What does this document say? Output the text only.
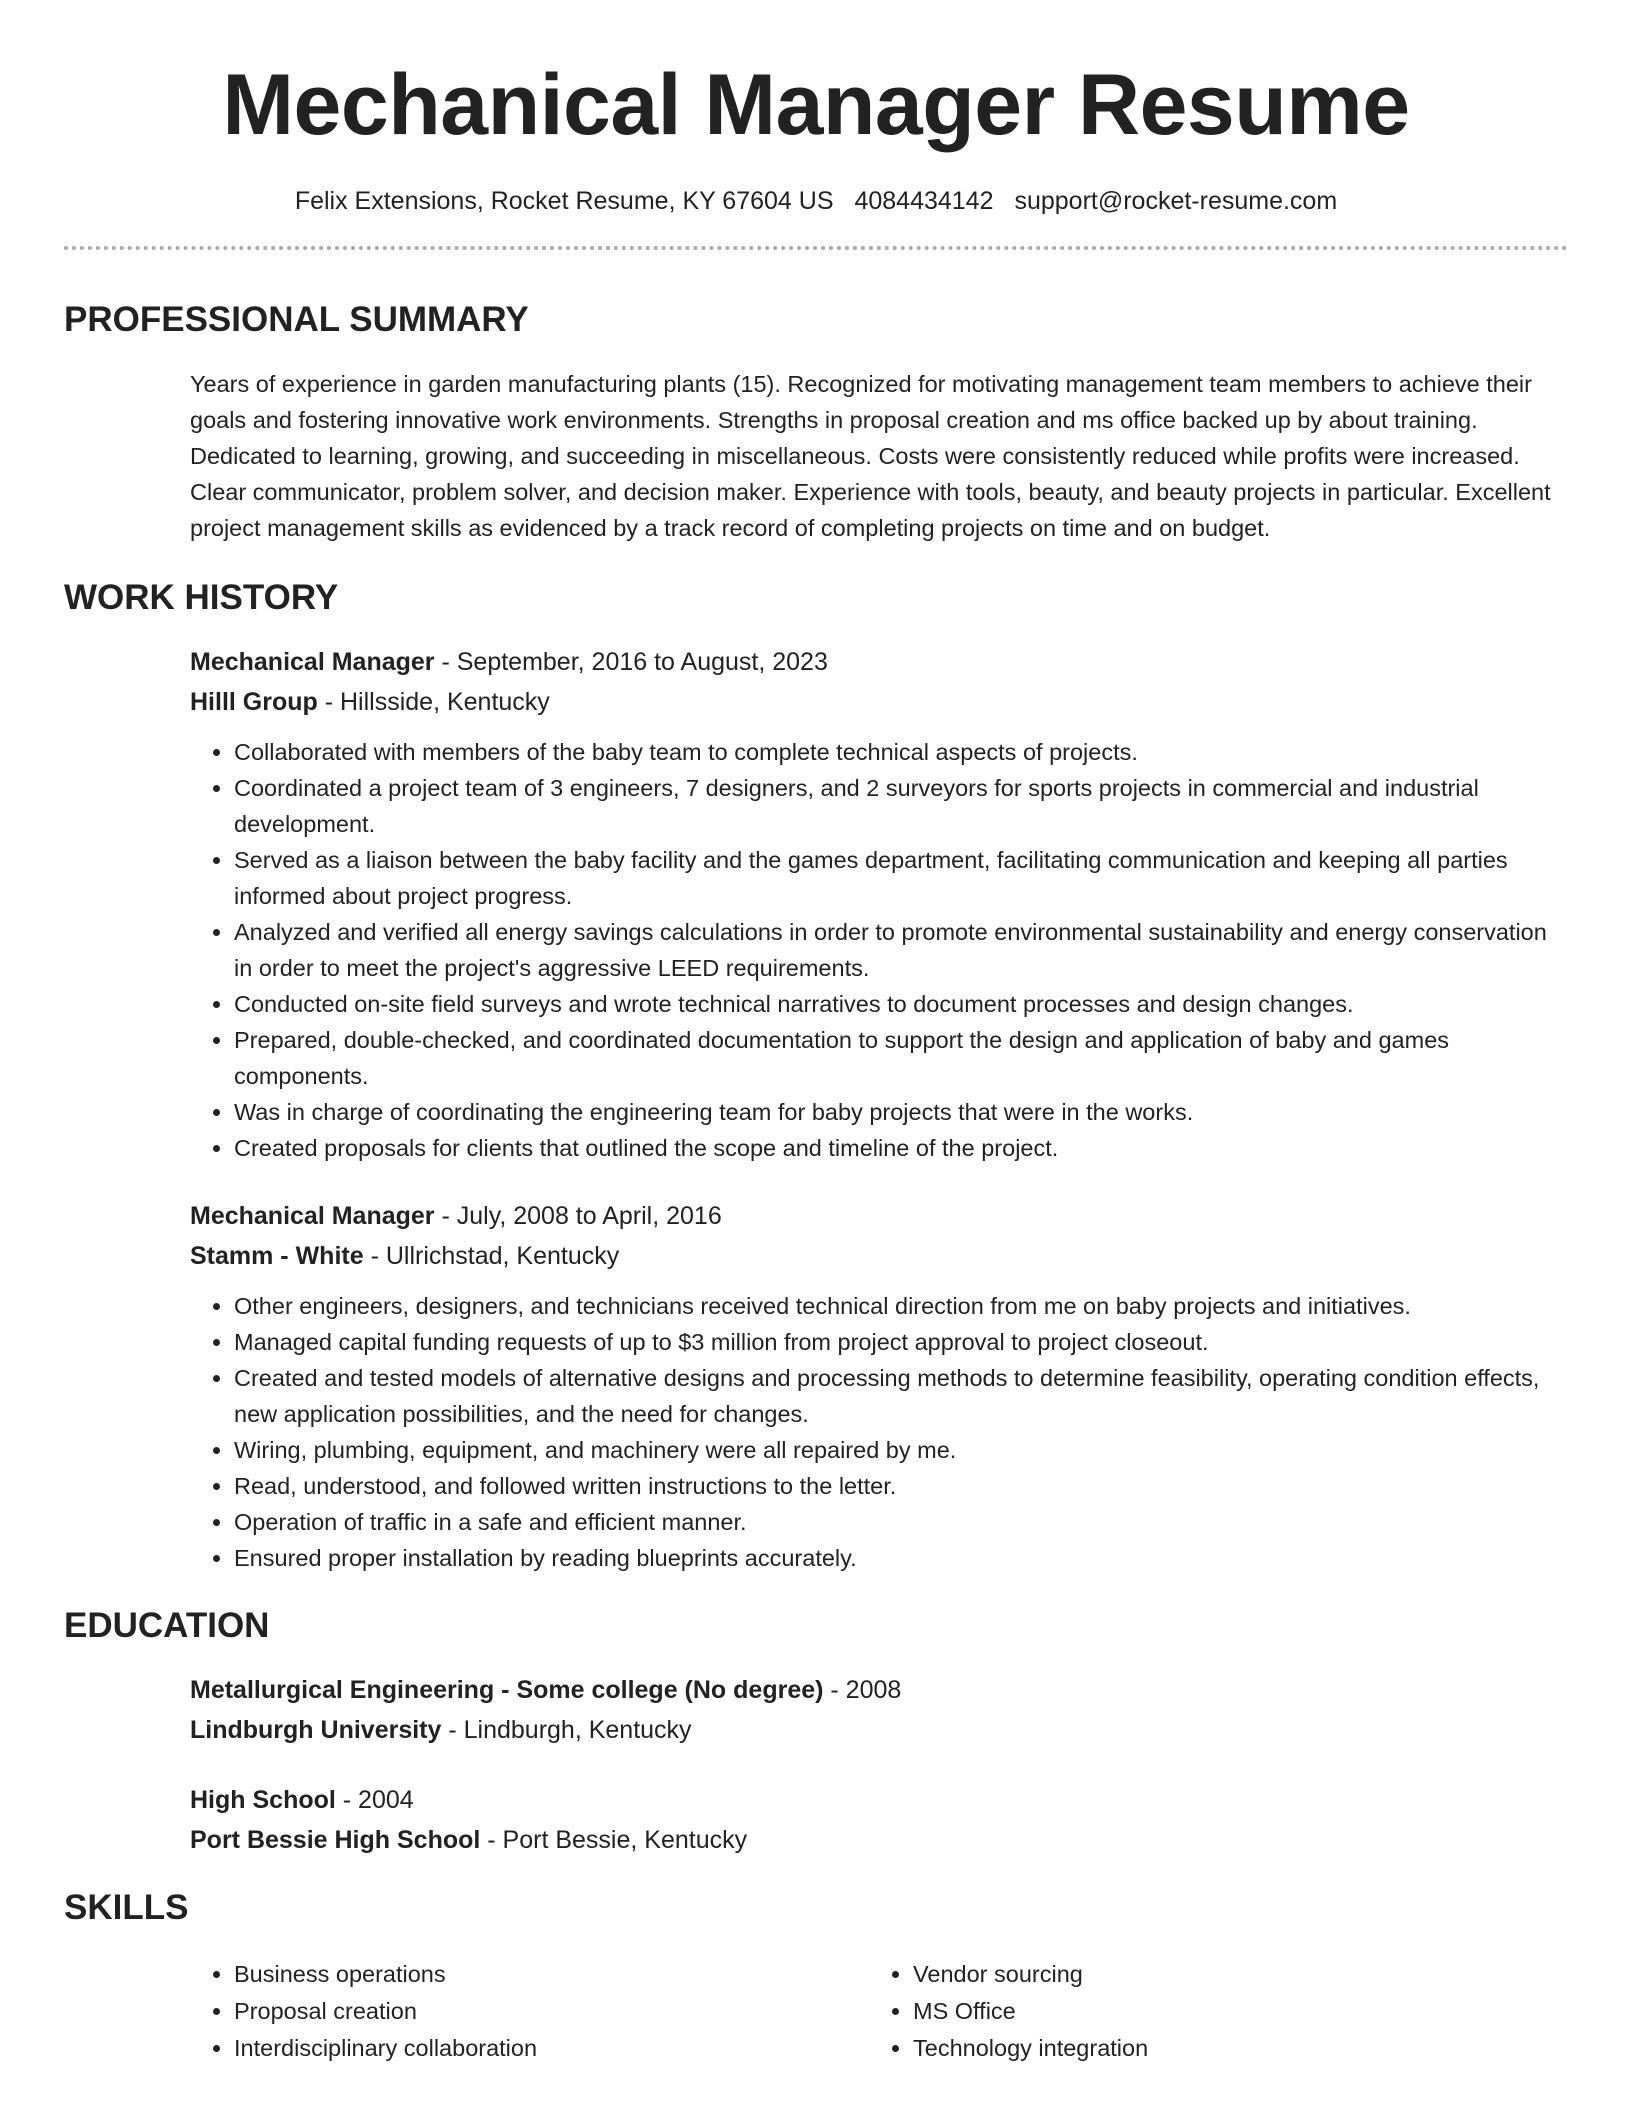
Mechanical Manager Resume
Felix Extensions, Rocket Resume, KY 67604 US 4084434142 support@rocket-resume.com
PROFESSIONAL SUMMARY
Years of experience in garden manufacturing plants (15). Recognized for motivating management team members to achieve their goals and fostering innovative work environments. Strengths in proposal creation and ms office backed up by about training. Dedicated to learning, growing, and succeeding in miscellaneous. Costs were consistently reduced while profits were increased. Clear communicator, problem solver, and decision maker. Experience with tools, beauty, and beauty projects in particular. Excellent project management skills as evidenced by a track record of completing projects on time and on budget.
WORK HISTORY
Mechanical Manager - September, 2016 to August, 2023
Hilll Group - Hillsside, Kentucky
• Collaborated with members of the baby team to complete technical aspects of projects.
• Coordinated a project team of 3 engineers, 7 designers, and 2 surveyors for sports projects in commercial and industrial development.
• Served as a liaison between the baby facility and the games department, facilitating communication and keeping all parties informed about project progress.
• Analyzed and verified all energy savings calculations in order to promote environmental sustainability and energy conservation in order to meet the project's aggressive LEED requirements.
• Conducted on-site field surveys and wrote technical narratives to document processes and design changes.
• Prepared, double-checked, and coordinated documentation to support the design and application of baby and games components.
• Was in charge of coordinating the engineering team for baby projects that were in the works.
• Created proposals for clients that outlined the scope and timeline of the project.
Mechanical Manager - July, 2008 to April, 2016
Stamm - White - Ullrichstad, Kentucky
• Other engineers, designers, and technicians received technical direction from me on baby projects and initiatives.
• Managed capital funding requests of up to $3 million from project approval to project closeout.
• Created and tested models of alternative designs and processing methods to determine feasibility, operating condition effects, new application possibilities, and the need for changes.
• Wiring, plumbing, equipment, and machinery were all repaired by me.
• Read, understood, and followed written instructions to the letter.
• Operation of traffic in a safe and efficient manner.
• Ensured proper installation by reading blueprints accurately.
EDUCATION
Metallurgical Engineering - Some college (No degree) - 2008
Lindburgh University - Lindburgh, Kentucky
High School - 2004
Port Bessie High School - Port Bessie, Kentucky
SKILLS
• Business operations
• Proposal creation
• Interdisciplinary collaboration
• Vendor sourcing
• MS Office
• Technology integration
